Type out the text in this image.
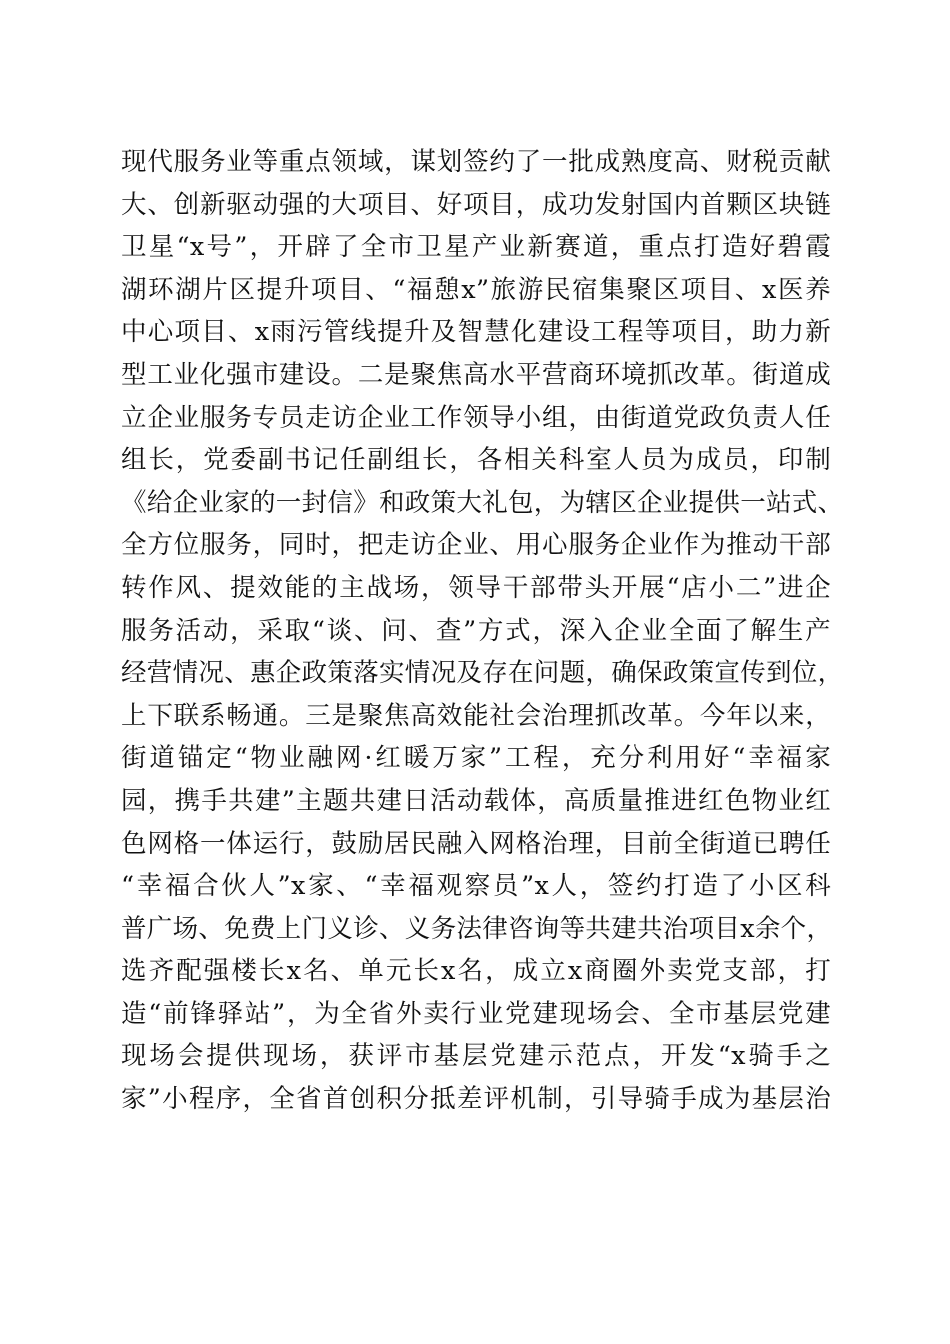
现代服务业等重点领域，谋划签约了一批成熟度高、财税贡献
大、创新驱动强的大项目、好项目，成功发射国内首颗区块链
卫星“x号”，开辟了全市卫星产业新赛道，重点打造好碧霞
湖环湖片区提升项目、“福憩x”旅游民宿集聚区项目、x医养
中心项目、x雨污管线提升及智慧化建设工程等项目，助力新
型工业化强市建设。二是聚焦高水平营商环境抓改革。街道成
立企业服务专员走访企业工作领导小组，由街道党政负责人任
组长，党委副书记任副组长，各相关科室人员为成员，印制
《给企业家的一封信》和政策大礼包，为辖区企业提供一站式、
全方位服务，同时，把走访企业、用心服务企业作为推动干部
转作风、提效能的主战场，领导干部带头开展“店小二”进企
服务活动，采取“谈、问、查”方式，深入企业全面了解生产
经营情况、惠企政策落实情况及存在问题，确保政策宣传到位，
上下联系畅通。三是聚焦高效能社会治理抓改革。今年以来，
街道锚定“物业融网·红暖万家”工程，充分利用好“幸福家
园，携手共建”主题共建日活动载体，高质量推进红色物业红
色网格一体运行，鼓励居民融入网格治理，目前全街道已聘任
“幸福合伙人”x家、“幸福观察员”x人，签约打造了小区科
普广场、免费上门义诊、义务法律咨询等共建共治项目x余个，
选齐配强楼长x名、单元长x名，成立x商圈外卖党支部，打
造“前锋驿站”，为全省外卖行业党建现场会、全市基层党建
现场会提供现场，获评市基层党建示范点，开发“x骑手之
家”小程序，全省首创积分抵差评机制，引导骑手成为基层治
